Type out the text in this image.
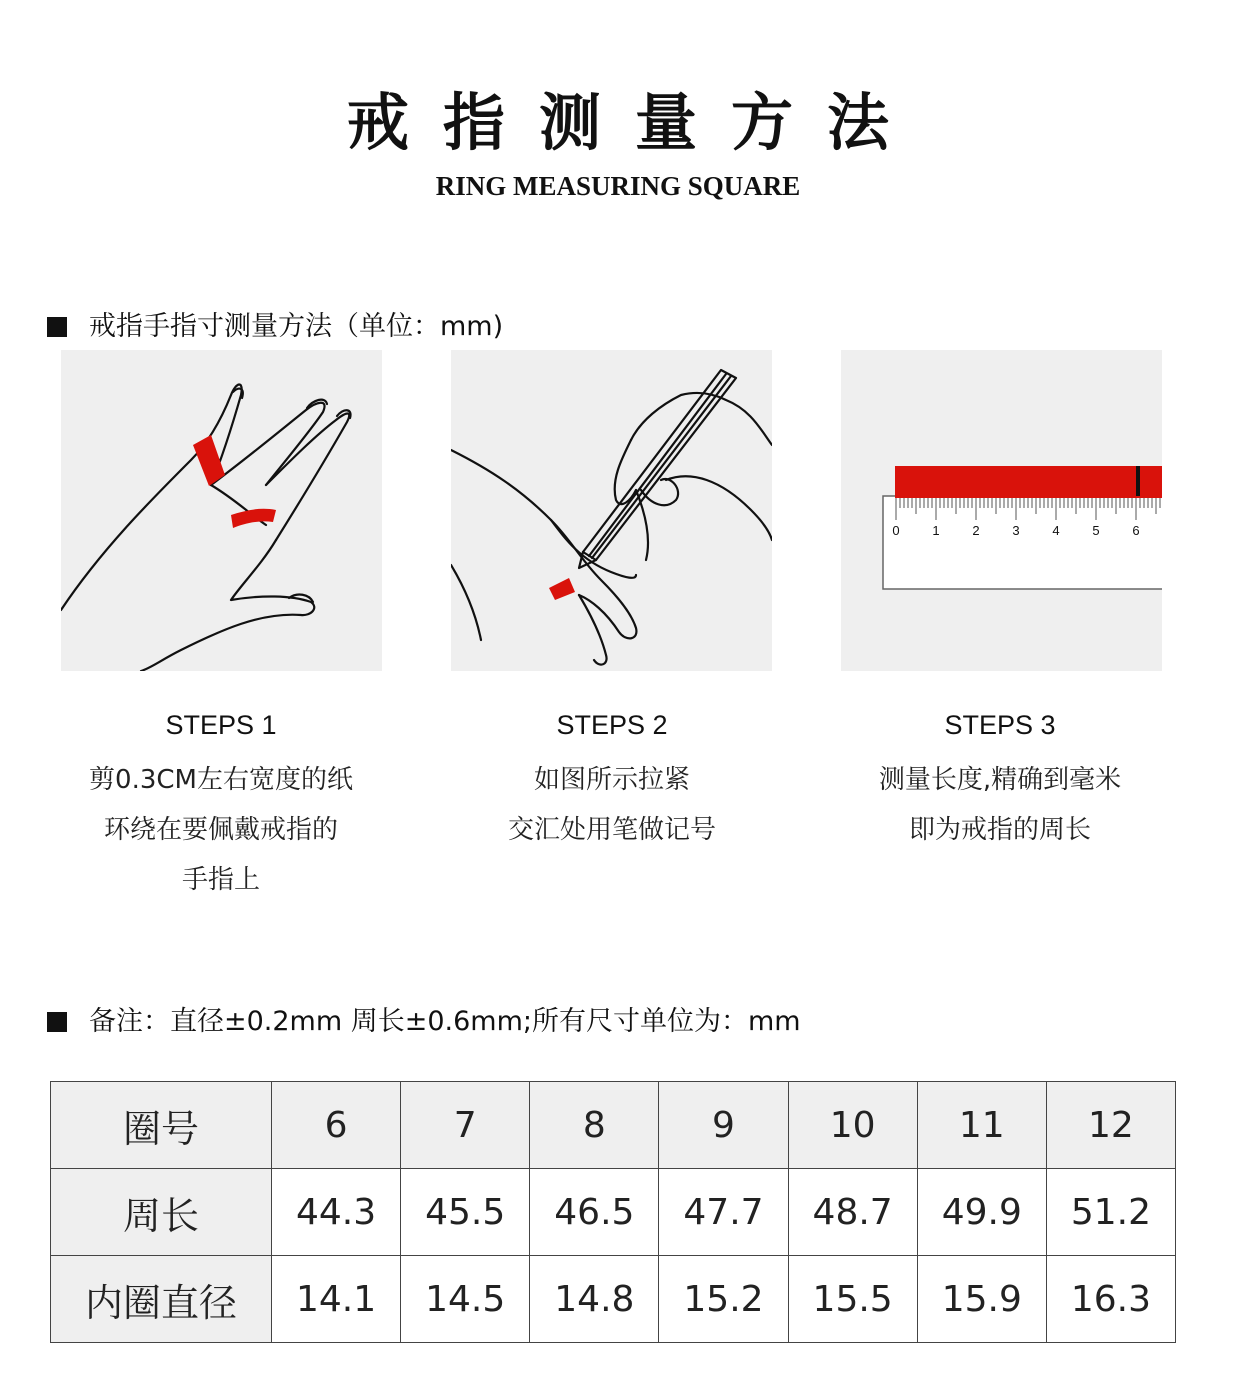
戒指测量方法
RING MEASURING SQUARE
戒指手指寸测量方法（单位：mm)
0	1	2	3	4	5	6
STEPS 1
剪0.3CM左右宽度的纸
环绕在要佩戴戒指的
手指上
STEPS 2
如图所示拉紧
交汇处用笔做记号
STEPS 3
测量长度,精确到毫米
即为戒指的周长
备注：直径±0.2mm 周长±0.6mm;所有尺寸单位为：mm
圈号	6	7	8	9	10	11	12
周长	44.3	45.5	46.5	47.7	48.7	49.9	51.2
内圈直径	14.1	14.5	14.8	15.2	15.5	15.9	16.3
